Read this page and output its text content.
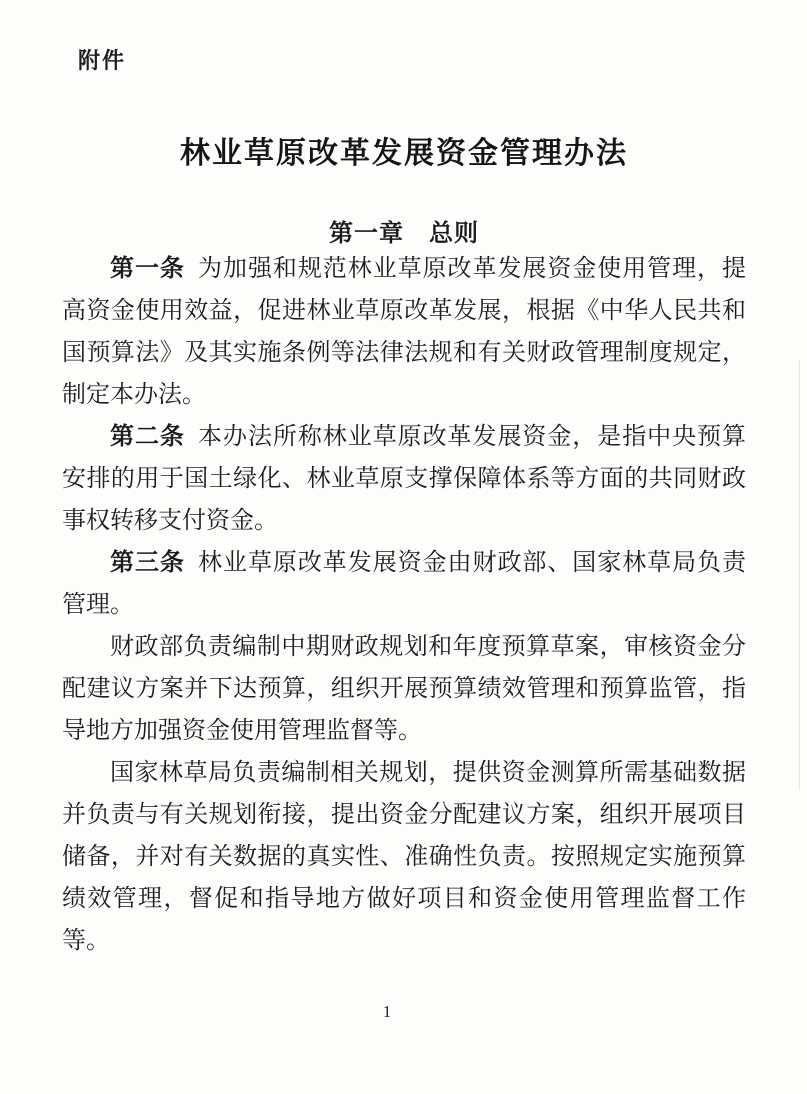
附件
林业草原改革发展资金管理办法
第一章　总则

第一条 为加强和规范林业草原改革发展资金使用管理，提高资金使用效益，促进林业草原改革发展，根据《中华人民共和国预算法》及其实施条例等法律法规和有关财政管理制度规定，制定本办法。

第二条 本办法所称林业草原改革发展资金，是指中央预算安排的用于国土绿化、林业草原支撑保障体系等方面的共同财政事权转移支付资金。

第三条 林业草原改革发展资金由财政部、国家林草局负责管理。

财政部负责编制中期财政规划和年度预算草案，审核资金分配建议方案并下达预算，组织开展预算绩效管理和预算监管，指导地方加强资金使用管理监督等。

国家林草局负责编制相关规划，提供资金测算所需基础数据并负责与有关规划衔接，提出资金分配建议方案，组织开展项目储备，并对有关数据的真实性、准确性负责。按照规定实施预算绩效管理，督促和指导地方做好项目和资金使用管理监督工作等。

1
